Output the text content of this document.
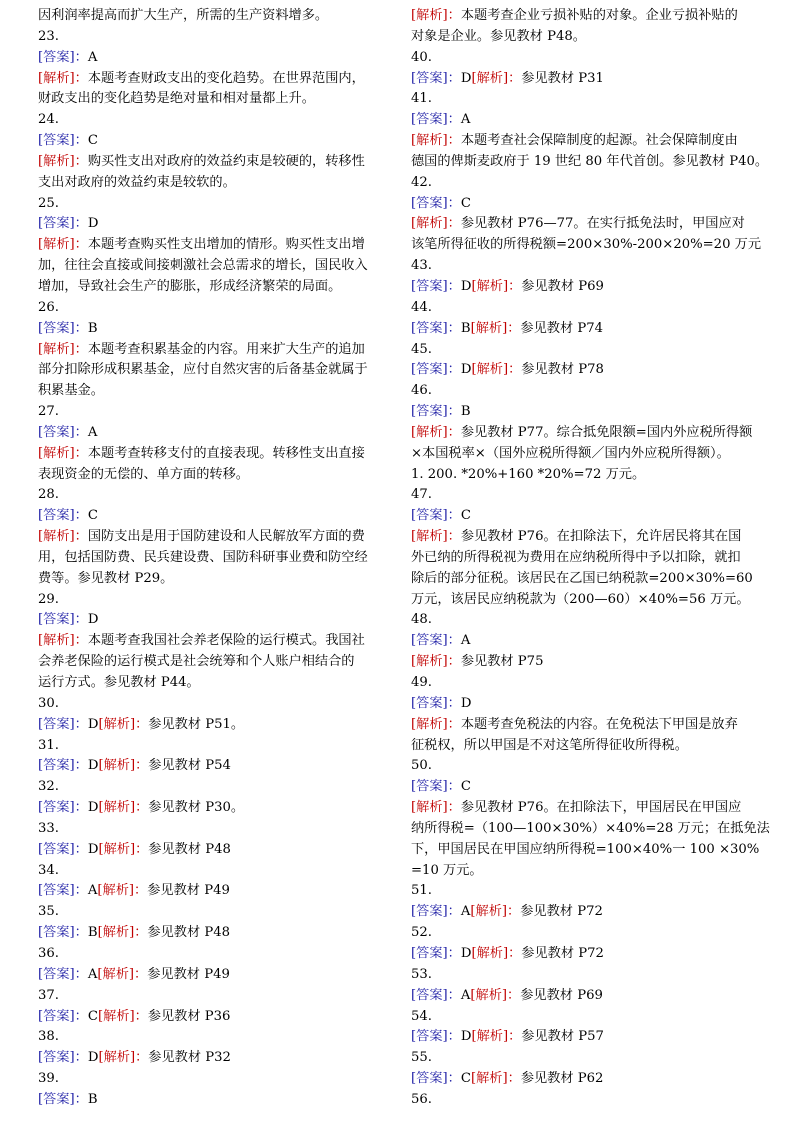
因利润率提高而扩大生产，所需的生产资料增多。
23.
[答案]：A
[解析]：本题考查财政支出的变化趋势。在世界范围内，
财政支出的变化趋势是绝对量和相对量都上升。
24.
[答案]：C
[解析]：购买性支出对政府的效益约束是较硬的，转移性
支出对政府的效益约束是较软的。
25.
[答案]：D
[解析]：本题考查购买性支出增加的情形。购买性支出增
加，往往会直接或间接刺激社会总需求的增长，国民收入
增加，导致社会生产的膨胀，形成经济繁荣的局面。
26.
[答案]：B
[解析]：本题考查积累基金的内容。用来扩大生产的追加
部分扣除形成积累基金，应付自然灾害的后备基金就属于
积累基金。
27.
[答案]：A
[解析]：本题考查转移支付的直接表现。转移性支出直接
表现资金的无偿的、单方面的转移。
28.
[答案]：C
[解析]：国防支出是用于国防建设和人民解放军方面的费
用，包括国防费、民兵建设费、国防科研事业费和防空经
费等。参见教材 P29。
29.
[答案]：D
[解析]：本题考查我国社会养老保险的运行模式。我国社
会养老保险的运行模式是社会统筹和个人账户相结合的
运行方式。参见教材 P44。
30.
[答案]：D[解析]：参见教材 P51。
31.
[答案]：D[解析]：参见教材 P54
32.
[答案]：D[解析]：参见教材 P30。
33.
[答案]：D[解析]：参见教材 P48
34.
[答案]：A[解析]：参见教材 P49
35.
[答案]：B[解析]：参见教材 P48
36.
[答案]：A[解析]：参见教材 P49
37.
[答案]：C[解析]：参见教材 P36
38.
[答案]：D[解析]：参见教材 P32
39.
[答案]：B
[解析]：本题考查企业亏损补贴的对象。企业亏损补贴的
对象是企业。参见教材 P48。
40.
[答案]：D[解析]：参见教材 P31
41.
[答案]：A
[解析]：本题考查社会保障制度的起源。社会保障制度由
德国的俾斯麦政府于 19 世纪 80 年代首创。参见教材 P40。
42.
[答案]：C
[解析]：参见教材 P76—77。在实行抵免法时，甲国应对
该笔所得征收的所得税额=200×30%-200×20%=20 万元
43.
[答案]：D[解析]：参见教材 P69
44.
[答案]：B[解析]：参见教材 P74
45.
[答案]：D[解析]：参见教材 P78
46.
[答案]：B
[解析]：参见教材 P77。综合抵免限额=国内外应税所得额
×本国税率×（国外应税所得额／国内外应税所得额）。
1. 200. *20%+160 *20%=72 万元。
47.
[答案]：C
[解析]：参见教材 P76。在扣除法下，允许居民将其在国
外已纳的所得税视为费用在应纳税所得中予以扣除，就扣
除后的部分征税。该居民在乙国已纳税款=200×30%=60
万元，该居民应纳税款为（200—60）×40%=56 万元。
48.
[答案]：A
[解析]：参见教材 P75
49.
[答案]：D
[解析]：本题考查免税法的内容。在免税法下甲国是放弃
征税权，所以甲国是不对这笔所得征收所得税。
50.
[答案]：C
[解析]：参见教材 P76。在扣除法下，甲国居民在甲国应
纳所得税=（100—100×30%）×40%=28 万元；在抵免法
下，甲国居民在甲国应纳所得税=100×40%一 100 ×30%
=10 万元。
51.
[答案]：A[解析]：参见教材 P72
52.
[答案]：D[解析]：参见教材 P72
53.
[答案]：A[解析]：参见教材 P69
54.
[答案]：D[解析]：参见教材 P57
55.
[答案]：C[解析]：参见教材 P62
56.
